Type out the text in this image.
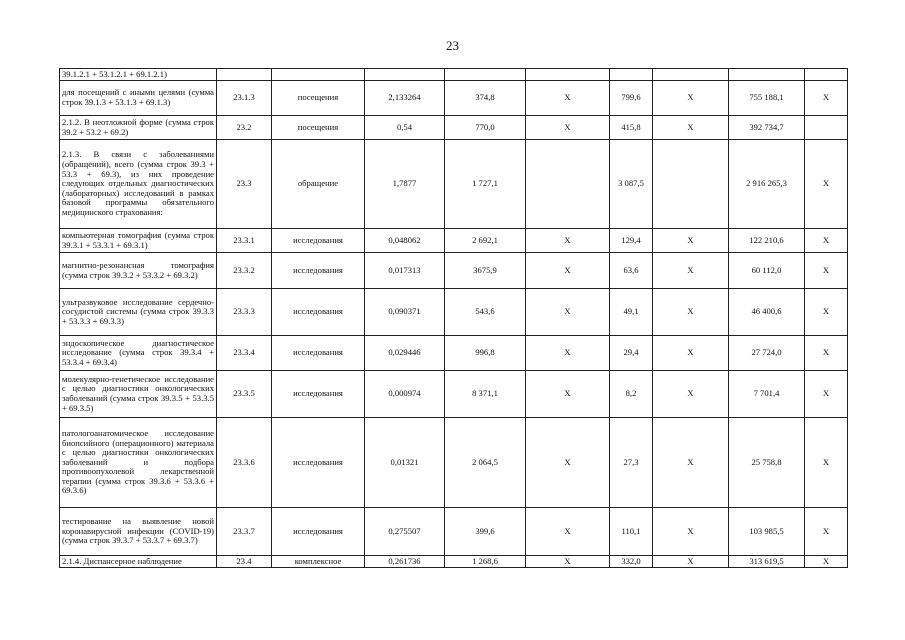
23
39.1.2.1 + 53.1.2.1 + 69.1.2.1)									
для посещений с иными целями (сумма строк 39.1.3 + 53.1.3 + 69.1.3)	23.1.3	посещения	2,133264	374,8	X	799,6	X	755 188,1	X
2.1.2. В неотложной форме (сумма строк 39.2 + 53.2 + 69.2)	23.2	посещения	0,54	770,0	X	415,8	X	392 734,7	
2.1.3. В связи с заболеваниями (обращений), всего (сумма строк 39.3 + 53.3 + 69.3), из них проведение следующих отдельных диагностических (лабораторных) исследований в рамках базовой программы обязательного медицинского страхования:	23.3	обращение	1,7877	1 727,1		3 087,5		2 916 265,3	X
компьютерная томография (сумма строк 39.3.1 + 53.3.1 + 69.3.1)	23.3.1	исследования	0,048062	2 692,1	X	129,4	X	122 210,6	X
магнитно-резонансная томография (сумма строк 39.3.2 + 53.3.2 + 69.3.2)	23.3.2	исследования	0,017313	3675,9	X	63,6	X	60 112,0	X
ультразвуковое исследование сердечно-сосудистой системы (сумма строк 39.3.3 + 53.3.3 + 69.3.3)	23.3.3	исследования	0,090371	543,6	X	49,1	X	46 400,6	X
эндоскопическое диагностическое исследование (сумма строк 39.3.4 + 53.3.4 + 69.3.4)	23.3.4	исследования	0,029446	996,8	X	29,4	X	27 724,0	X
молекулярно-генетическое исследование с целью диагностики онкологических заболеваний (сумма строк 39.3.5 + 53.3.5 + 69.3.5)	23.3.5	исследования	0,000974	8 371,1	X	8,2	X	7 701,4	X
патологоанатомическое исследование биопсийного (операционного) материала с целью диагностики онкологических заболеваний и подбора противоопухолевой лекарственной терапии (сумма строк 39.3.6 + 53.3.6 + 69.3.6)	23.3.6	исследования	0,01321	2 064,5	X	27,3	X	25 758,8	X
тестирование на выявление новой коронавирусной инфекции (COVID-19) (сумма строк 39.3.7 + 53.3.7 + 69.3.7)	23.3.7	исследования	0,275507	399,6	X	110,1	X	103 985,5	X
2.1.4. Диспансерное наблюдение	23.4	комплексное	0,261736	1 268,6	X	332,0	X	313 619,5	X
